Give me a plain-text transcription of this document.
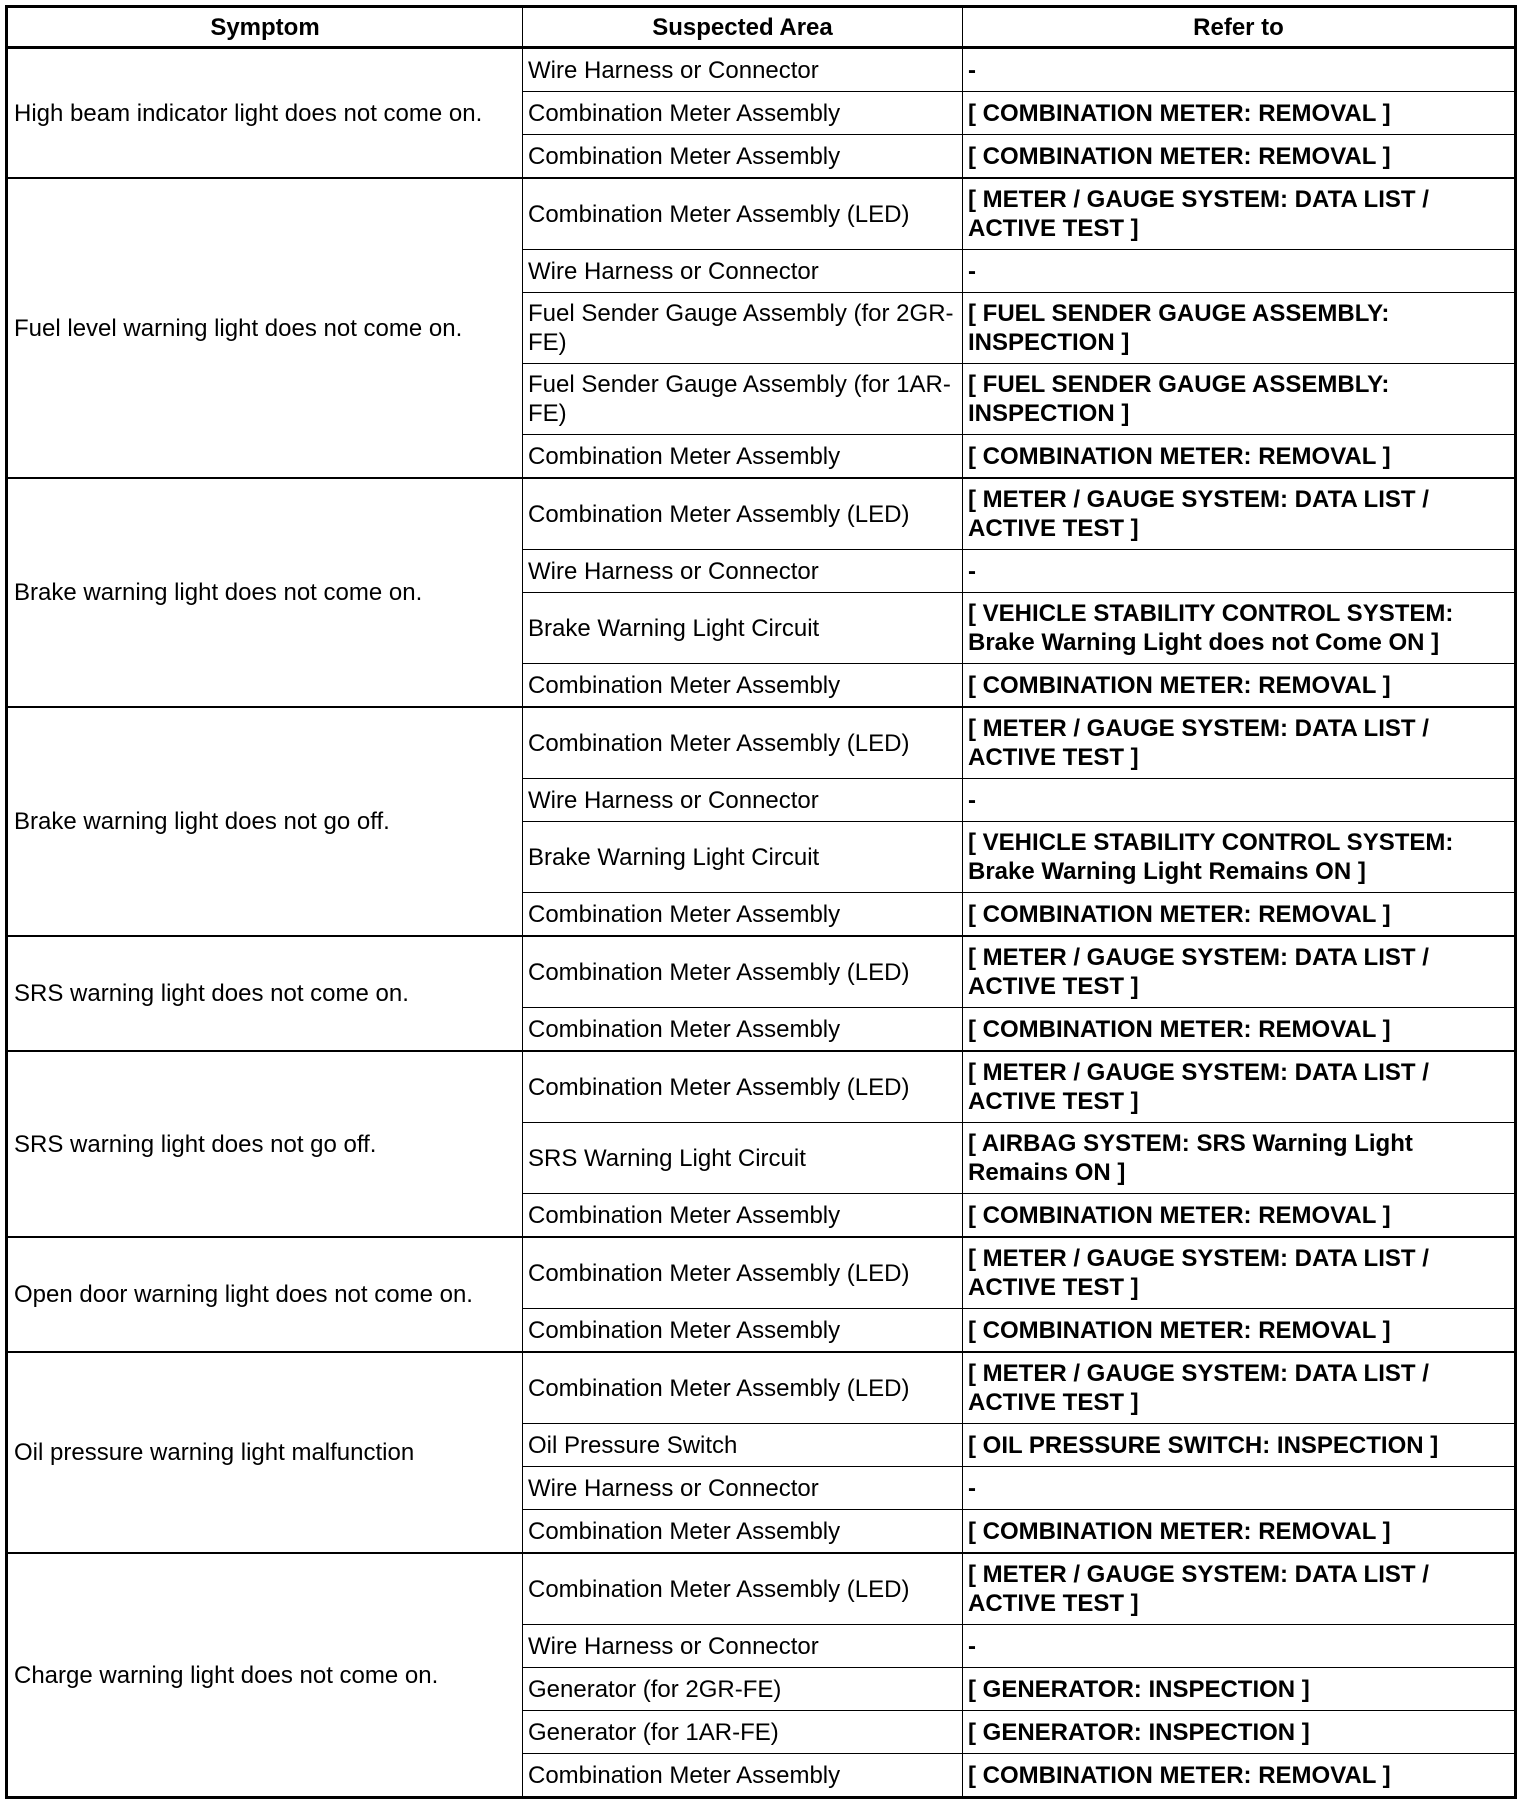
Symptom	Suspected Area	Refer to
High beam indicator light does not come on.	Wire Harness or Connector	-
	Combination Meter Assembly	[ COMBINATION METER: REMOVAL ]
	Combination Meter Assembly	[ COMBINATION METER: REMOVAL ]
Fuel level warning light does not come on.	Combination Meter Assembly (LED)	[ METER / GAUGE SYSTEM: DATA LIST / ACTIVE TEST ]
	Wire Harness or Connector	-
	Fuel Sender Gauge Assembly (for 2GR-FE)	[ FUEL SENDER GAUGE ASSEMBLY: INSPECTION ]
	Fuel Sender Gauge Assembly (for 1AR-FE)	[ FUEL SENDER GAUGE ASSEMBLY: INSPECTION ]
	Combination Meter Assembly	[ COMBINATION METER: REMOVAL ]
Brake warning light does not come on.	Combination Meter Assembly (LED)	[ METER / GAUGE SYSTEM: DATA LIST / ACTIVE TEST ]
	Wire Harness or Connector	-
	Brake Warning Light Circuit	[ VEHICLE STABILITY CONTROL SYSTEM: Brake Warning Light does not Come ON ]
	Combination Meter Assembly	[ COMBINATION METER: REMOVAL ]
Brake warning light does not go off.	Combination Meter Assembly (LED)	[ METER / GAUGE SYSTEM: DATA LIST / ACTIVE TEST ]
	Wire Harness or Connector	-
	Brake Warning Light Circuit	[ VEHICLE STABILITY CONTROL SYSTEM: Brake Warning Light Remains ON ]
	Combination Meter Assembly	[ COMBINATION METER: REMOVAL ]
SRS warning light does not come on.	Combination Meter Assembly (LED)	[ METER / GAUGE SYSTEM: DATA LIST / ACTIVE TEST ]
	Combination Meter Assembly	[ COMBINATION METER: REMOVAL ]
SRS warning light does not go off.	Combination Meter Assembly (LED)	[ METER / GAUGE SYSTEM: DATA LIST / ACTIVE TEST ]
	SRS Warning Light Circuit	[ AIRBAG SYSTEM: SRS Warning Light Remains ON ]
	Combination Meter Assembly	[ COMBINATION METER: REMOVAL ]
Open door warning light does not come on.	Combination Meter Assembly (LED)	[ METER / GAUGE SYSTEM: DATA LIST / ACTIVE TEST ]
	Combination Meter Assembly	[ COMBINATION METER: REMOVAL ]
Oil pressure warning light malfunction	Combination Meter Assembly (LED)	[ METER / GAUGE SYSTEM: DATA LIST / ACTIVE TEST ]
	Oil Pressure Switch	[ OIL PRESSURE SWITCH: INSPECTION ]
	Wire Harness or Connector	-
	Combination Meter Assembly	[ COMBINATION METER: REMOVAL ]
Charge warning light does not come on.	Combination Meter Assembly (LED)	[ METER / GAUGE SYSTEM: DATA LIST / ACTIVE TEST ]
	Wire Harness or Connector	-
	Generator (for 2GR-FE)	[ GENERATOR: INSPECTION ]
	Generator (for 1AR-FE)	[ GENERATOR: INSPECTION ]
	Combination Meter Assembly	[ COMBINATION METER: REMOVAL ]
